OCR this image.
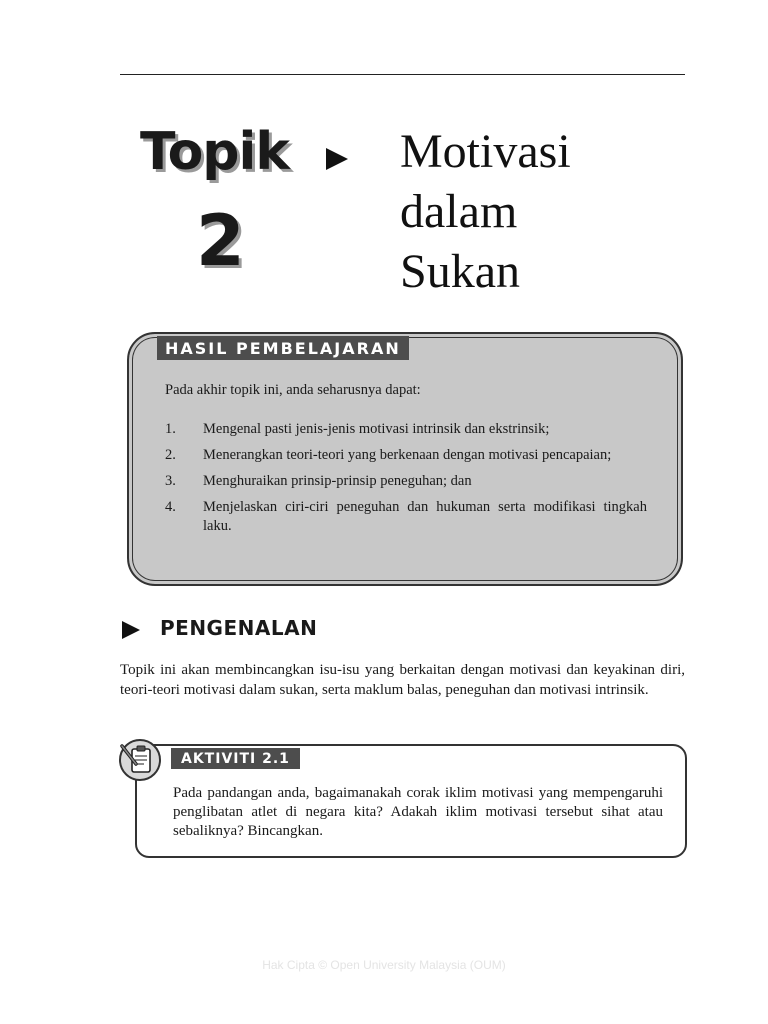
Topik
2
Motivasi
dalam
Sukan
HASIL PEMBELAJARAN
Pada akhir topik ini, anda seharusnya dapat:
1. Mengenal pasti jenis-jenis motivasi intrinsik dan ekstrinsik;
2. Menerangkan teori-teori yang berkenaan dengan motivasi pencapaian;
3. Menghuraikan prinsip-prinsip peneguhan; dan
4. Menjelaskan ciri-ciri peneguhan dan hukuman serta modifikasi tingkah laku.
PENGENALAN
Topik ini akan membincangkan isu-isu yang berkaitan dengan motivasi dan keyakinan diri, teori-teori motivasi dalam sukan, serta maklum balas, peneguhan dan motivasi intrinsik.
AKTIVITI 2.1
Pada pandangan anda, bagaimanakah corak iklim motivasi yang mempengaruhi penglibatan atlet di negara kita? Adakah iklim motivasi tersebut sihat atau sebaliknya? Bincangkan.
Hak Cipta © Open University Malaysia (OUM)
